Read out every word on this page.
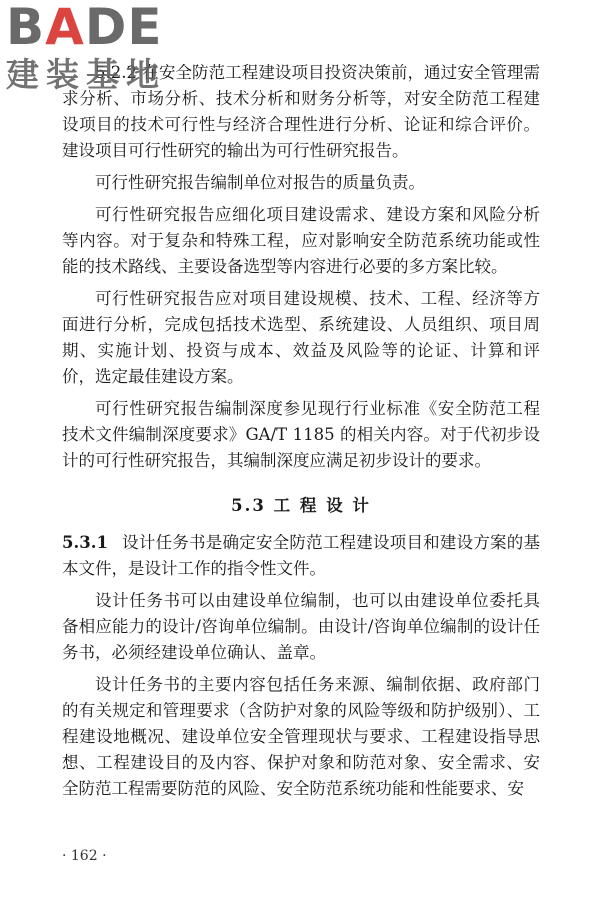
BADE
建装基地

5.2.2 在安全防范工程建设项目投资决策前，通过安全管理需求分析、市场分析、技术分析和财务分析等，对安全防范工程建设项目的技术可行性与经济合理性进行分析、论证和综合评价。建设项目可行性研究的输出为可行性研究报告。

可行性研究报告编制单位对报告的质量负责。

可行性研究报告应细化项目建设需求、建设方案和风险分析等内容。对于复杂和特殊工程，应对影响安全防范系统功能或性能的技术路线、主要设备选型等内容进行必要的多方案比较。

可行性研究报告应对项目建设规模、技术、工程、经济等方面进行分析，完成包括技术选型、系统建设、人员组织、项目周期、实施计划、投资与成本、效益及风险等的论证、计算和评价，选定最佳建设方案。

可行性研究报告编制深度参见现行行业标准《安全防范工程技术文件编制深度要求》GA/T 1185 的相关内容。对于代初步设计的可行性研究报告，其编制深度应满足初步设计的要求。

5.3 工 程 设 计

5.3.1 设计任务书是确定安全防范工程建设项目和建设方案的基本文件，是设计工作的指令性文件。

设计任务书可以由建设单位编制，也可以由建设单位委托具备相应能力的设计/咨询单位编制。由设计/咨询单位编制的设计任务书，必须经建设单位确认、盖章。

设计任务书的主要内容包括任务来源、编制依据、政府部门的有关规定和管理要求（含防护对象的风险等级和防护级别）、工程建设地概况、建设单位安全管理现状与要求、工程建设指导思想、工程建设目的及内容、保护对象和防范对象、安全需求、安全防范工程需要防范的风险、安全防范系统功能和性能要求、安

· 162 ·
